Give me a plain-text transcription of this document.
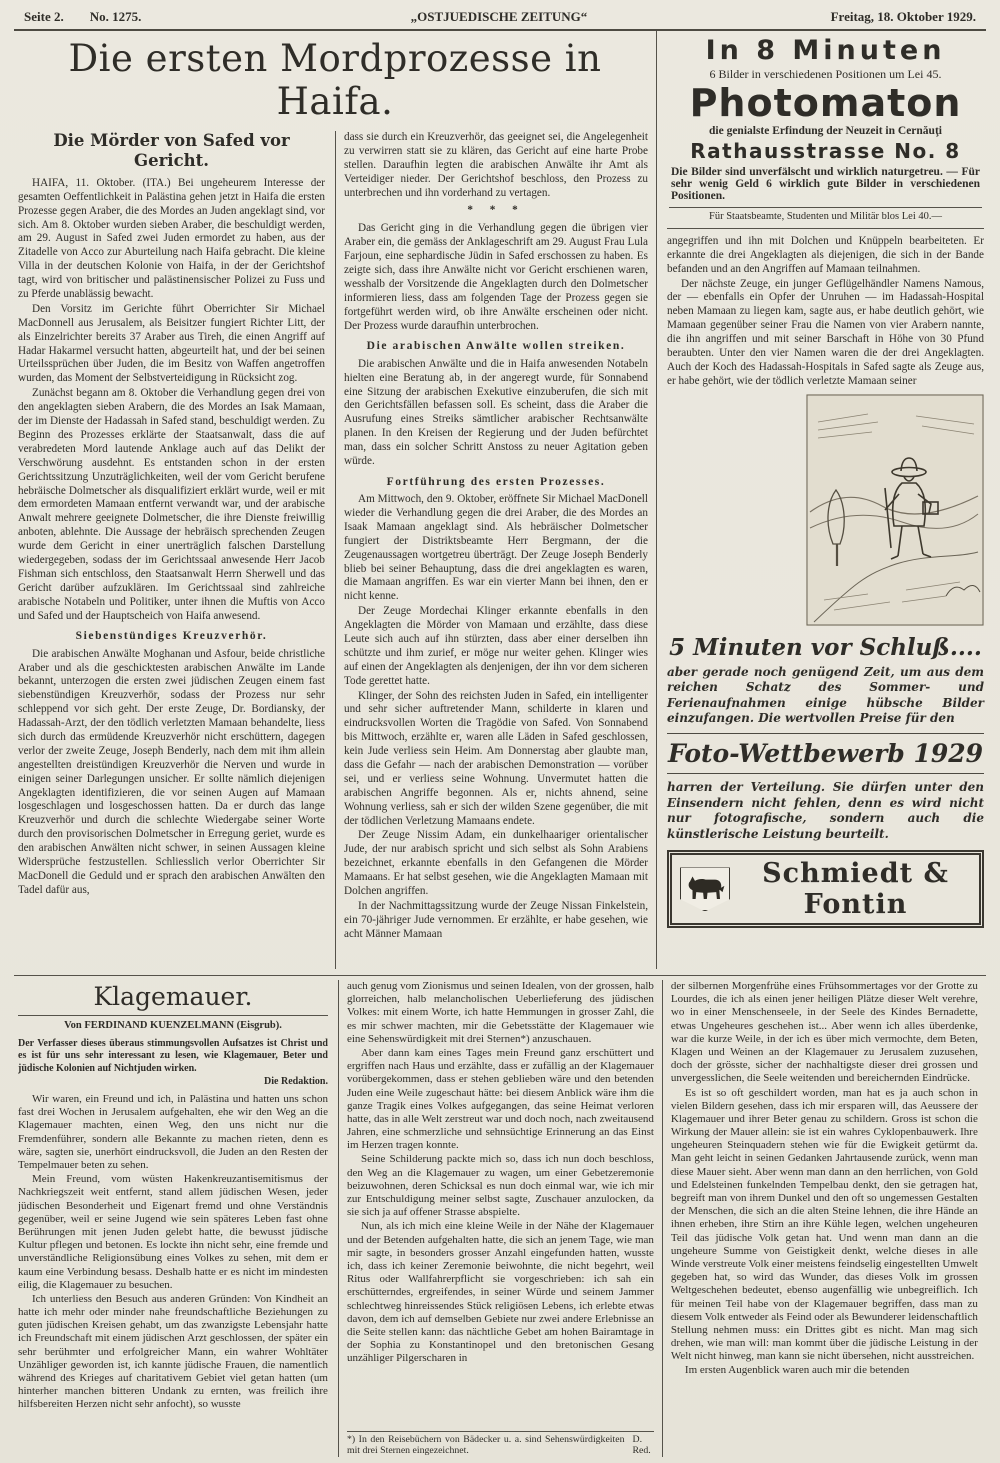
Seite 2. No. 1275.	„OSTJUEDISCHE ZEITUNG“	Freitag, 18. Oktober 1929.
Die ersten Mordprozesse in Haifa.
Die Mörder von Safed vor Gericht.

HAIFA, 11. Oktober. (ITA.) Bei ungeheurem Interesse der gesamten Oeffentlichkeit in Palästina gehen jetzt in Haifa die ersten Prozesse gegen Araber, die des Mordes an Juden angeklagt sind, vor sich. Am 8. Oktober wurden sieben Araber, die beschuldigt werden, am 29. August in Safed zwei Juden ermordet zu haben, aus der Zitadelle von Acco zur Aburteilung nach Haifa gebracht. Die kleine Villa in der deutschen Kolonie von Haifa, in der der Gerichtshof tagt, wird von britischer und palästinensischer Polizei zu Fuss und zu Pferde unablässig bewacht.

Den Vorsitz im Gerichte führt Oberrichter Sir Michael MacDonnell aus Jerusalem, als Beisitzer fungiert Richter Litt, der als Einzelrichter bereits 37 Araber aus Tireh, die einen Angriff auf Hadar Hakarmel versucht hatten, abgeurteilt hat, und der bei seinen Urteilssprüchen über Juden, die im Besitz von Waffen angetroffen wurden, das Moment der Selbstverteidigung in Rücksicht zog.

Zunächst begann am 8. Oktober die Verhandlung gegen drei von den angeklagten sieben Arabern, die des Mordes an Isak Mamaan, der im Dienste der Hadassah in Safed stand, beschuldigt werden. Zu Beginn des Prozesses erklärte der Staatsanwalt, dass die auf verabredeten Mord lautende Anklage auch auf das Delikt der Verschwörung ausdehnt. Es entstanden schon in der ersten Gerichtssitzung Unzuträglichkeiten, weil der vom Gericht berufene hebräische Dolmetscher als disqualifiziert erklärt wurde, weil er mit dem ermordeten Mamaan entfernt verwandt war, und der arabische Anwalt mehrere geeignete Dolmetscher, die ihre Dienste freiwillig anboten, ablehnte. Die Aussage der hebräisch sprechenden Zeugen wurde dem Gericht in einer unerträglich falschen Darstellung wiedergegeben, sodass der im Gerichtssaal anwesende Herr Jacob Fishman sich entschloss, den Staatsanwalt Herrn Sherwell und das Gericht darüber aufzuklären. Im Gerichtssaal sind zahlreiche arabische Notabeln und Politiker, unter ihnen die Muftis von Acco und Safed und der Hauptscheich von Haifa anwesend.

Siebenstündiges Kreuzverhör.

Die arabischen Anwälte Moghanan und Asfour, beide christliche Araber und als die geschicktesten arabischen Anwälte im Lande bekannt, unterzogen die ersten zwei jüdischen Zeugen einem fast siebenstündigen Kreuzverhör, sodass der Prozess nur sehr schleppend vor sich geht. Der erste Zeuge, Dr. Bordiansky, der Hadassah-Arzt, der den tödlich verletzten Mamaan behandelte, liess sich durch das ermüdende Kreuzverhör nicht erschüttern, dagegen verlor der zweite Zeuge, Joseph Benderly, nach dem mit ihm allein angestellten dreistündigen Kreuzverhör die Nerven und wurde in einigen seiner Darlegungen unsicher. Er sollte nämlich diejenigen Angeklagten identifizieren, die vor seinen Augen auf Mamaan losgeschlagen und losgeschossen hatten. Da er durch das lange Kreuzverhör und durch die schlechte Wiedergabe seiner Worte durch den provisorischen Dolmetscher in Erregung geriet, wurde es den arabischen Anwälten nicht schwer, in seinen Aussagen kleine Widersprüche festzustellen. Schliesslich verlor Oberrichter Sir MacDonell die Geduld und er sprach den arabischen Anwälten den Tadel dafür aus,

dass sie durch ein Kreuzverhör, das geeignet sei, die Angelegenheit zu verwirren statt sie zu klären, das Gericht auf eine harte Probe stellen. Daraufhin legten die arabischen Anwälte ihr Amt als Verteidiger nieder. Der Gerichtshof beschloss, den Prozess zu unterbrechen und ihn vorderhand zu vertagen.

* * *

Das Gericht ging in die Verhandlung gegen die übrigen vier Araber ein, die gemäss der Anklageschrift am 29. August Frau Lula Farjoun, eine sephardische Jüdin in Safed erschossen zu haben. Es zeigte sich, dass ihre Anwälte nicht vor Gericht erschienen waren, wesshalb der Vorsitzende die Angeklagten durch den Dolmetscher informieren liess, dass am folgenden Tage der Prozess gegen sie fortgeführt werden wird, ob ihre Anwälte erscheinen oder nicht. Der Prozess wurde daraufhin unterbrochen.

Die arabischen Anwälte wollen streiken.

Die arabischen Anwälte und die in Haifa anwesenden Notabeln hielten eine Beratung ab, in der angeregt wurde, für Sonnabend eine Sitzung der arabischen Exekutive einzuberufen, die sich mit den Gerichtsfällen befassen soll. Es scheint, dass die Araber die Ausrufung eines Streiks sämtlicher arabischer Rechtsanwälte planen. In den Kreisen der Regierung und der Juden befürchtet man, dass ein solcher Schritt Anstoss zu neuer Agitation geben würde.

Fortführung des ersten Prozesses.

Am Mittwoch, den 9. Oktober, eröffnete Sir Michael MacDonell wieder die Verhandlung gegen die drei Araber, die des Mordes an Isaak Mamaan angeklagt sind. Als hebräischer Dolmetscher fungiert der Distriktsbeamte Herr Bergmann, der die Zeugenaussagen wortgetreu überträgt. Der Zeuge Joseph Benderly blieb bei seiner Behauptung, dass die drei angeklagten es waren, die Mamaan angriffen. Es war ein vierter Mann bei ihnen, den er nicht kenne.

Der Zeuge Mordechai Klinger erkannte ebenfalls in den Angeklagten die Mörder von Mamaan und erzählte, dass diese Leute sich auch auf ihn stürzten, dass aber einer derselben ihn schützte und ihm zurief, er möge nur weiter gehen. Klinger wies auf einen der Angeklagten als denjenigen, der ihn vor dem sicheren Tode gerettet hatte.

Klinger, der Sohn des reichsten Juden in Safed, ein intelligenter und sehr sicher auftretender Mann, schilderte in klaren und eindrucksvollen Worten die Tragödie von Safed. Von Sonnabend bis Mittwoch, erzählte er, waren alle Läden in Safed geschlossen, kein Jude verliess sein Heim. Am Donnerstag aber glaubte man, dass die Gefahr — nach der arabischen Demonstration — vorüber sei, und er verliess seine Wohnung. Unvermutet hatten die arabischen Angriffe begonnen. Als er, nichts ahnend, seine Wohnung verliess, sah er sich der wilden Szene gegenüber, die mit der tödlichen Verletzung Mamaans endete.

Der Zeuge Nissim Adam, ein dunkelhaariger orientalischer Jude, der nur arabisch spricht und sich selbst als Sohn Arabiens bezeichnet, erkannte ebenfalls in den Gefangenen die Mörder Mamaans. Er hat selbst gesehen, wie die Angeklagten Mamaan mit Dolchen angriffen.

In der Nachmittagssitzung wurde der Zeuge Nissan Finkelstein, ein 70-jähriger Jude vernommen. Er erzählte, er habe gesehen, wie acht Männer Mamaan

In 8 Minuten
6 Bilder in verschiedenen Positionen um Lei 45.
Photomaton
die genialste Erfindung der Neuzeit in Cernăuţi
Rathausstrasse No. 8
Die Bilder sind unverfälscht und wirklich naturgetreu. — Für sehr wenig Geld 6 wirklich gute Bilder in verschiedenen Positionen.
Für Staatsbeamte, Studenten und Militär blos Lei 40.—

angegriffen und ihn mit Dolchen und Knüppeln bearbeiteten. Er erkannte die drei Angeklagten als diejenigen, die sich in der Bande befanden und an den Angriffen auf Mamaan teilnahmen.

Der nächste Zeuge, ein junger Geflügelhändler Namens Namous, der — ebenfalls ein Opfer der Unruhen — im Hadassah-Hospital neben Mamaan zu liegen kam, sagte aus, er habe deutlich gehört, wie Mamaan gegenüber seiner Frau die Namen von vier Arabern nannte, die ihn angriffen und mit seiner Barschaft in Höhe von 30 Pfund beraubten. Unter den vier Namen waren die der drei Angeklagten. Auch der Koch des Hadassah-Hospitals in Safed sagte als Zeuge aus, er habe gehört, wie der tödlich verletzte Mamaan seiner

5 Minuten vor Schluß....
aber gerade noch genügend Zeit, um aus dem reichen Schatz des Sommer- und Ferienaufnahmen einige hübsche Bilder einzufangen. Die wertvollen Preise für den
Foto-Wettbewerb 1929
harren der Verteilung. Sie dürfen unter den Einsendern nicht fehlen, denn es wird nicht nur fotografische, sondern auch die künstlerische Leistung beurteilt.
Schmiedt & Fontin
Klagemauer.
Von FERDINAND KUENZELMANN (Eisgrub).
Der Verfasser dieses überaus stimmungsvollen Aufsatzes ist Christ und es ist für uns sehr interessant zu lesen, wie Klagemauer, Beter und jüdische Kolonien auf Nichtjuden wirken.
Die Redaktion.

Wir waren, ein Freund und ich, in Palästina und hatten uns schon fast drei Wochen in Jerusalem aufgehalten, ehe wir den Weg an die Klagemauer machten, einen Weg, den uns nicht nur die Fremdenführer, sondern alle Bekannte zu machen rieten, denn es wäre, sagten sie, unerhört eindrucksvoll, die Juden an den Resten der Tempelmauer beten zu sehen.

Mein Freund, vom wüsten Hakenkreuzantisemitismus der Nachkriegszeit weit entfernt, stand allem jüdischen Wesen, jeder jüdischen Besonderheit und Eigenart fremd und ohne Verständnis gegenüber, weil er seine Jugend wie sein späteres Leben fast ohne Berührungen mit jenen Juden gelebt hatte, die bewusst jüdische Kultur pflegen und betonen. Es lockte ihn nicht sehr, eine fremde und unverständliche Religionsübung eines Volkes zu sehen, mit dem er kaum eine Verbindung besass. Deshalb hatte er es nicht im mindesten eilig, die Klagemauer zu besuchen.

Ich unterliess den Besuch aus anderen Gründen: Von Kindheit an hatte ich mehr oder minder nahe freundschaftliche Beziehungen zu guten jüdischen Kreisen gehabt, um das zwanzigste Lebensjahr hatte ich Freundschaft mit einem jüdischen Arzt geschlossen, der später ein sehr berühmter und erfolgreicher Mann, ein wahrer Wohltäter Unzähliger geworden ist, ich kannte jüdische Frauen, die namentlich während des Krieges auf charitativem Gebiet viel getan hatten (um hinterher manchen bitteren Undank zu ernten, was freilich ihre hilfsbereiten Herzen nicht sehr anfocht), so wusste

auch genug vom Zionismus und seinen Idealen, von der grossen, halb glorreichen, halb melancholischen Ueberlieferung des jüdischen Volkes: mit einem Worte, ich hatte Hemmungen in grosser Zahl, die es mir schwer machten, mir die Gebetsstätte der Klagemauer wie eine Sehenswürdigkeit mit drei Sternen*) anzuschauen.

Aber dann kam eines Tages mein Freund ganz erschüttert und ergriffen nach Haus und erzählte, dass er zufällig an der Klagemauer vorübergekommen, dass er stehen geblieben wäre und den betenden Juden eine Weile zugeschaut hätte: bei diesem Anblick wäre ihm die ganze Tragik eines Volkes aufgegangen, das seine Heimat verloren hatte, das in alle Welt zerstreut war und doch noch, nach zweitausend Jahren, eine schmerzliche und sehnsüchtige Erinnerung an das Einst im Herzen tragen konnte.

Seine Schilderung packte mich so, dass ich nun doch beschloss, den Weg an die Klagemauer zu wagen, um einer Gebetzeremonie beizuwohnen, deren Schicksal es nun doch einmal war, wie ich mir zur Entschuldigung meiner selbst sagte, Zuschauer anzulocken, da sie sich ja auf offener Strasse abspielte.

Nun, als ich mich eine kleine Weile in der Nähe der Klagemauer und der Betenden aufgehalten hatte, die sich an jenem Tage, wie man mir sagte, in besonders grosser Anzahl eingefunden hatten, wusste ich, dass ich keiner Zeremonie beiwohnte, die nicht begehrt, weil Ritus oder Wallfahrerpflicht sie vorgeschrieben: ich sah ein erschütterndes, ergreifendes, in seiner Würde und seinem Jammer schlechtweg hinreissendes Stück religiösen Lebens, ich erlebte etwas davon, dem ich auf demselben Gebiete nur zwei andere Erlebnisse an die Seite stellen kann: das nächtliche Gebet am hohen Bairamtage in der Sophia zu Konstantinopel und den bretonischen Gesang unzähliger Pilgerscharen in

*) In den Reisebüchern von Bädecker u. a. sind Sehenswürdigkeiten mit drei Sternen eingezeichnet.
D. Red.

der silbernen Morgenfrühe eines Frühsommertages vor der Grotte zu Lourdes, die ich als einen jener heiligen Plätze dieser Welt verehre, wo in einer Menschenseele, in der Seele des Kindes Bernadette, etwas Ungeheures geschehen ist... Aber wenn ich alles überdenke, war die kurze Weile, in der ich es über mich vermochte, dem Beten, Klagen und Weinen an der Klagemauer zu Jerusalem zuzusehen, doch der grösste, sicher der nachhaltigste dieser drei grossen und unvergesslichen, die Seele weitenden und bereichernden Eindrücke.

Es ist so oft geschildert worden, man hat es ja auch schon in vielen Bildern gesehen, dass ich mir ersparen will, das Aeussere der Klagemauer und ihrer Beter genau zu schildern. Gross ist schon die Wirkung der Mauer allein: sie ist ein wahres Cyklopenbauwerk. Ihre ungeheuren Steinquadern stehen wie für die Ewigkeit getürmt da. Man geht leicht in seinen Gedanken Jahrtausende zurück, wenn man diese Mauer sieht. Aber wenn man dann an den herrlichen, von Gold und Edelsteinen funkelnden Tempelbau denkt, den sie getragen hat, begreift man von ihrem Dunkel und den oft so ungemessen Gestalten der Menschen, die sich an die alten Steine lehnen, die ihre Hände an ihnen erheben, ihre Stirn an ihre Kühle legen, welchen ungeheuren Teil das jüdische Volk getan hat. Und wenn man dann an die ungeheure Summe von Geistigkeit denkt, welche dieses in alle Winde verstreute Volk einer meistens feindselig eingestellten Umwelt gegeben hat, so wird das Wunder, das dieses Volk im grossen Weltgeschehen bedeutet, ebenso augenfällig wie unbegreiflich. Ich für meinen Teil habe von der Klagemauer begriffen, dass man zu diesem Volk entweder als Feind oder als Bewunderer leidenschaftlich Stellung nehmen muss: ein Drittes gibt es nicht. Man mag sich drehen, wie man will: man kommt über die jüdische Leistung in der Welt nicht hinweg, man kann sie nicht übersehen, nicht ausstreichen.

Im ersten Augenblick waren auch mir die betenden
